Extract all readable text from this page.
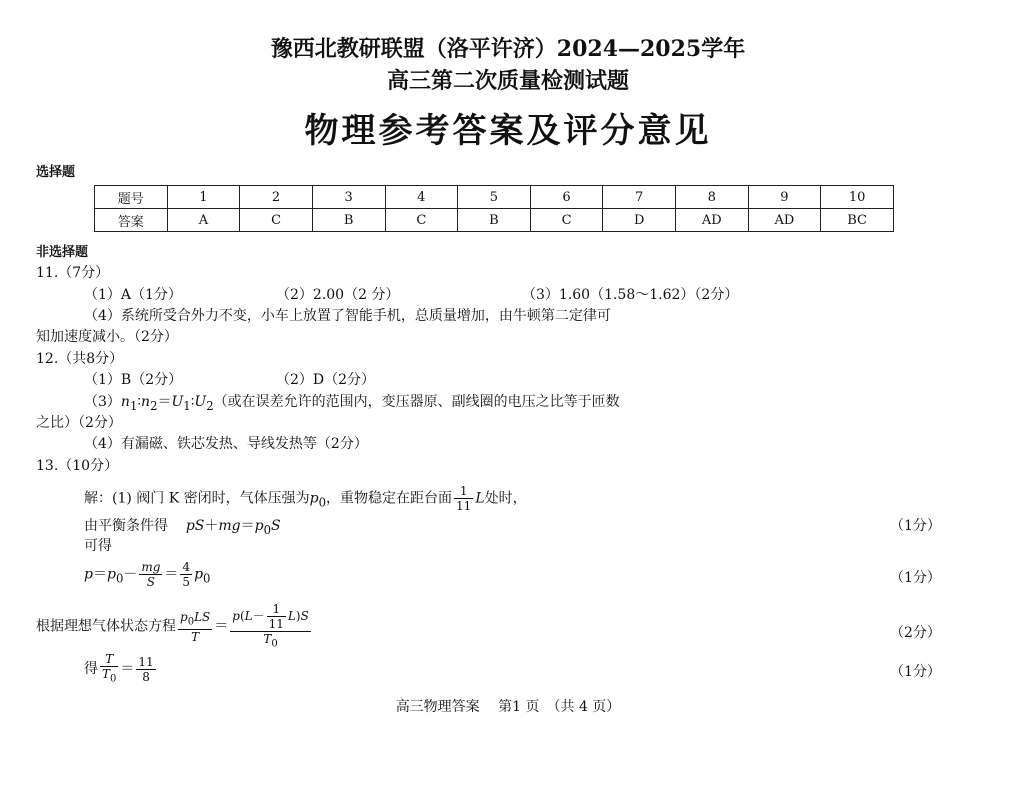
豫西北教研联盟（洛平许济）2024—2025学年
高三第二次质量检测试题
物理参考答案及评分意见
选择题
题号	1	2	3	4	5	6	7	8	9	10
答案	A	C	B	C	B	C	D	AD	AD	BC
非选择题
11.（7分）
（1）A（1分）	（2）2.00（2 分）	（3）1.60（1.58～1.62）（2分）
（4）系统所受合外力不变，小车上放置了智能手机，总质量增加，由牛顿第二定律可
知加速度减小。（2分）
12.（共8分）
（1）B（2分）	（2）D（2分）
$(3)n_1∶n_2=U_1∶U_2$（或在误差允许的范围内，变压器原、副线圈的电压之比等于匝数
之比）（2分）
（4）有漏磁、铁芯发热、导线发热等（2分）
13.（10分）
解：(1) 阀门 K 密闭时，气体压强为$p_0$，重物稳定在距台面 $\frac{1}{11}$ L处时，
由平衡条件得 $pS+mg=p_0S$	（1分）
可得
$p=p_0- \frac{mg}{S} = \frac{4}{5} p_0$	（1分）
根据理想气体状态方程 $\frac{p_0LS}{T} = \frac{p(L- \frac{1}{11} L)S}{T_0}$	（2分）
得 $\frac{T}{T_0} = \frac{11}{8}$	（1分）
高三物理答案　 第1 页　（共 4 页）
